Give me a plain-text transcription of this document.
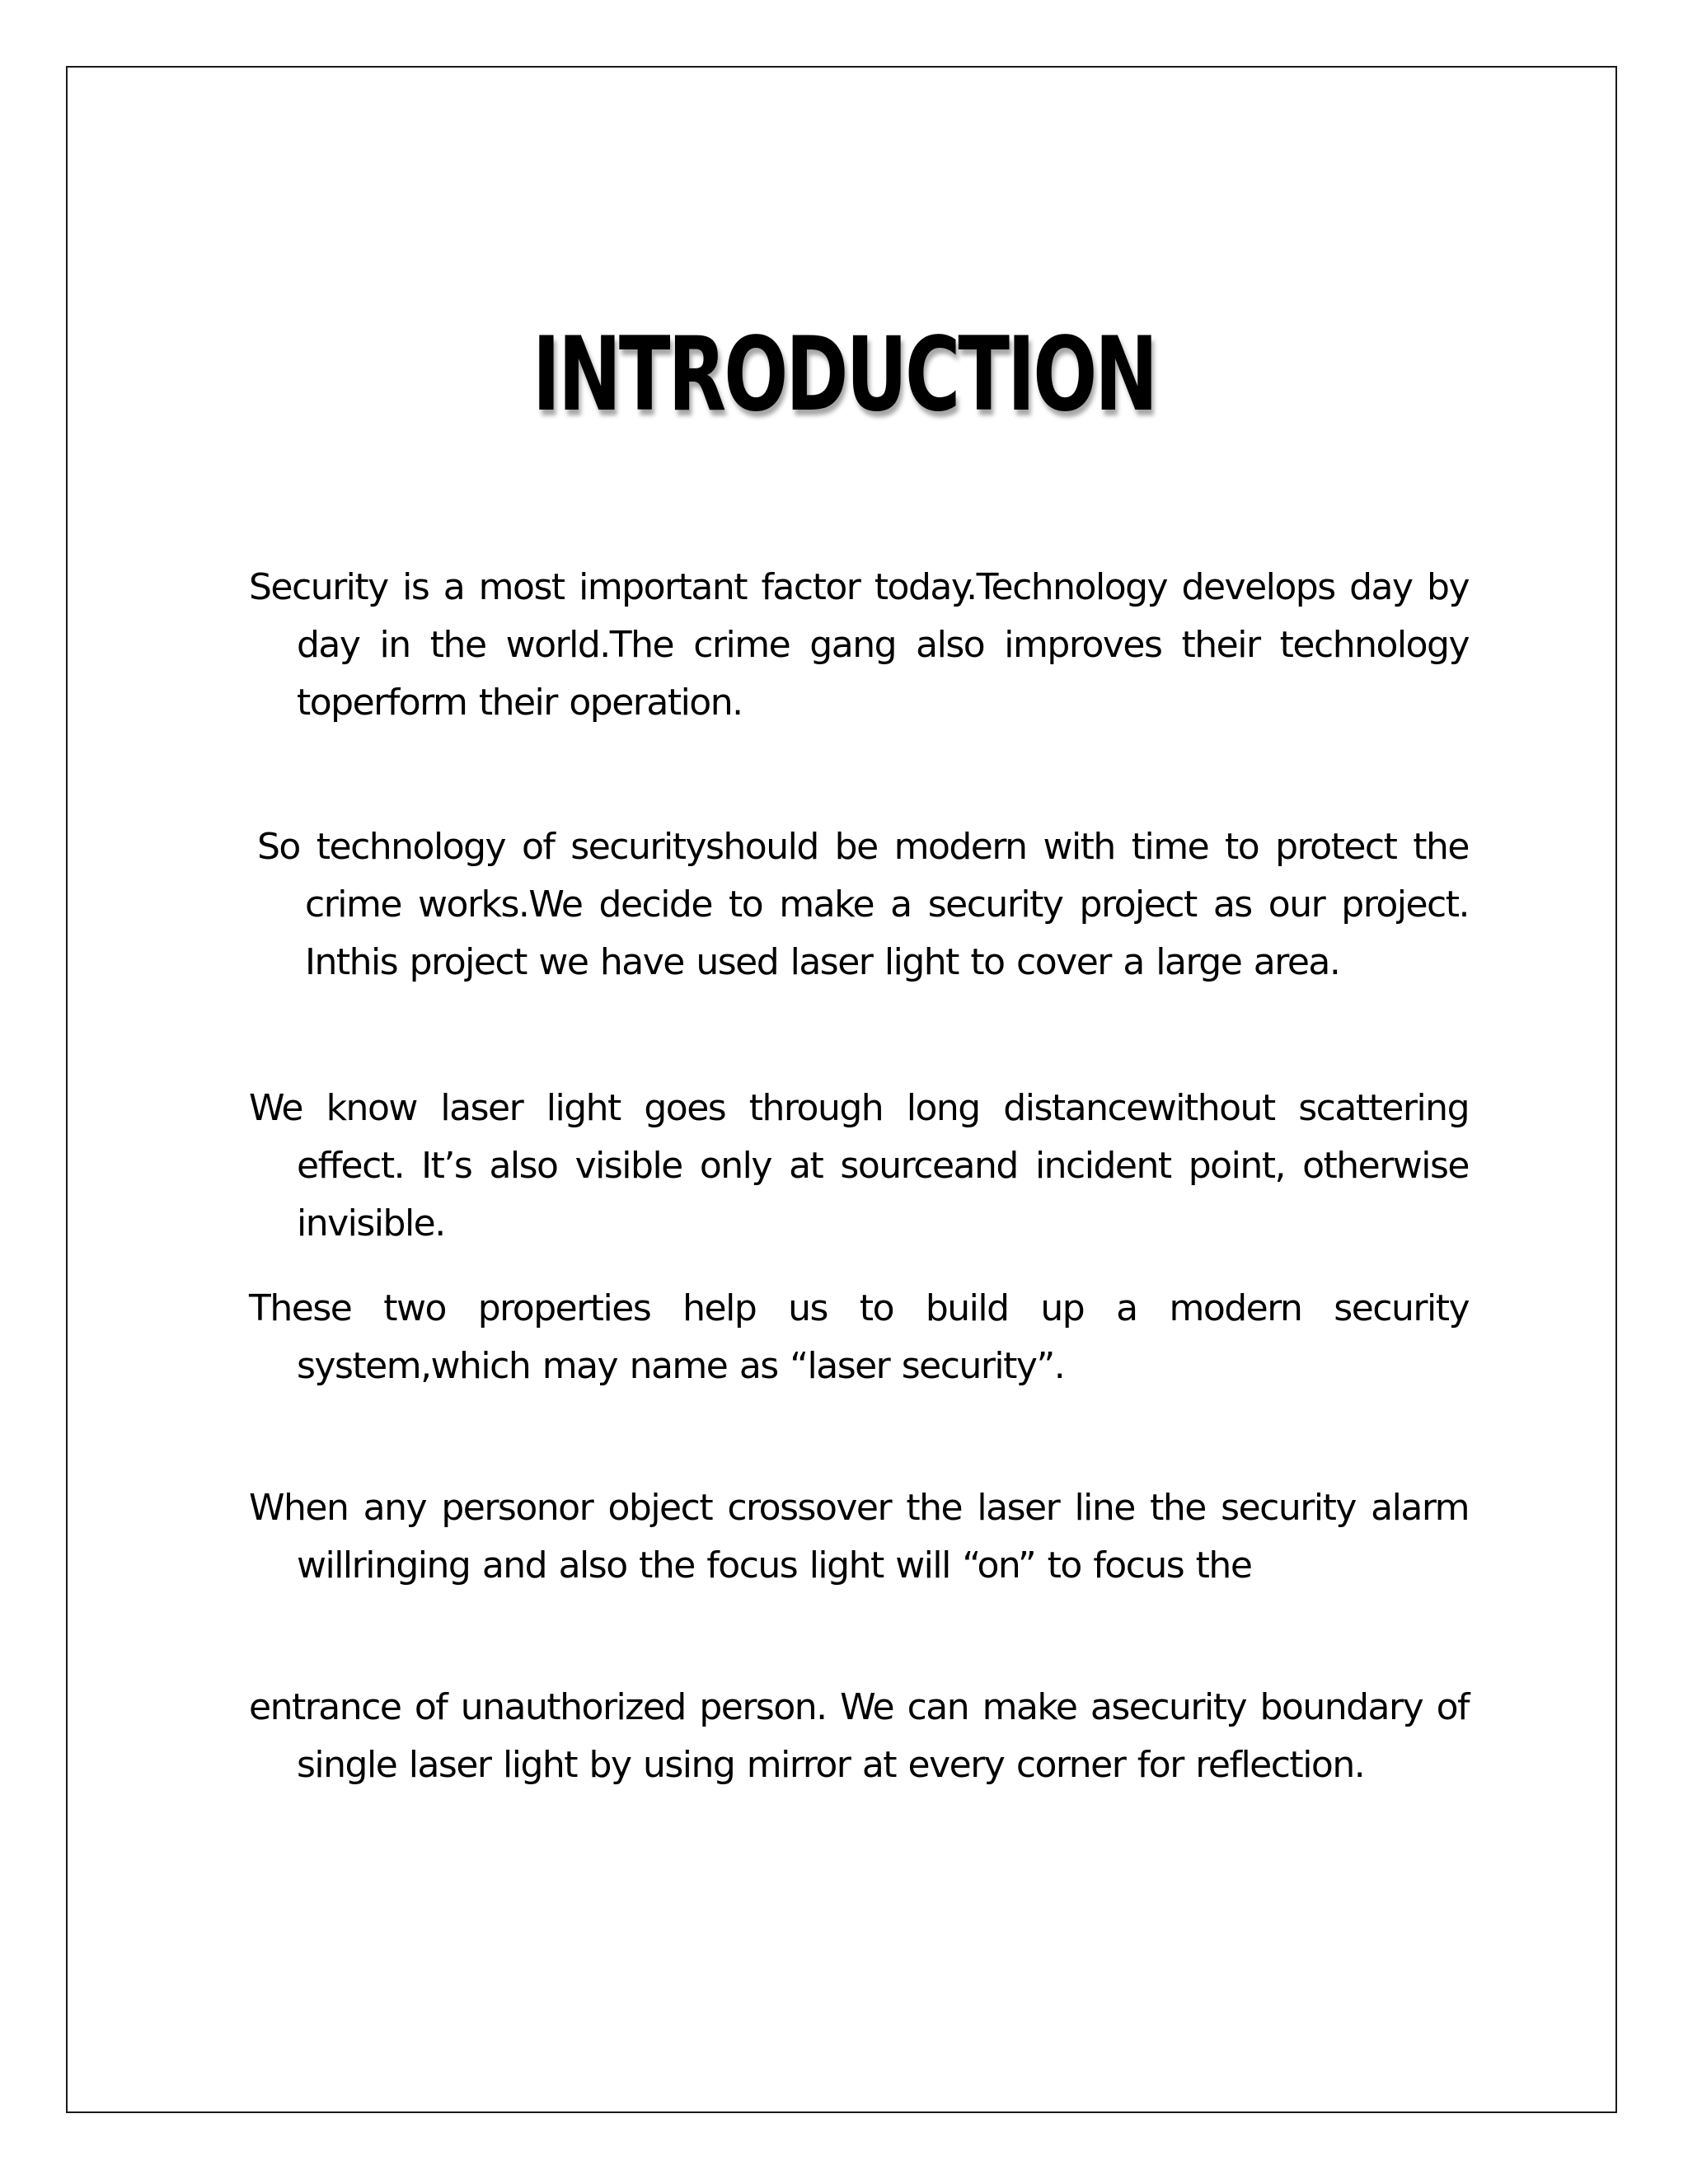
INTRODUCTION

Security is a most important factor today.Technology develops day by day in the world.The crime gang also improves their technology toperform their operation.

So technology of securityshould be modern with time to protect the crime works.We decide to make a security project as our project. Inthis project we have used laser light to cover a large area.

We know laser light goes through long distancewithout scattering effect. It’s also visible only at sourceand incident point, otherwise invisible.

These two properties help us to build up a modern security system,which may name as “laser security”.

When any personor object crossover the laser line the security alarm willringing and also the focus light will “on” to focus the

entrance of unauthorized person. We can make asecurity boundary of single laser light by using mirror at every corner for reflection.
